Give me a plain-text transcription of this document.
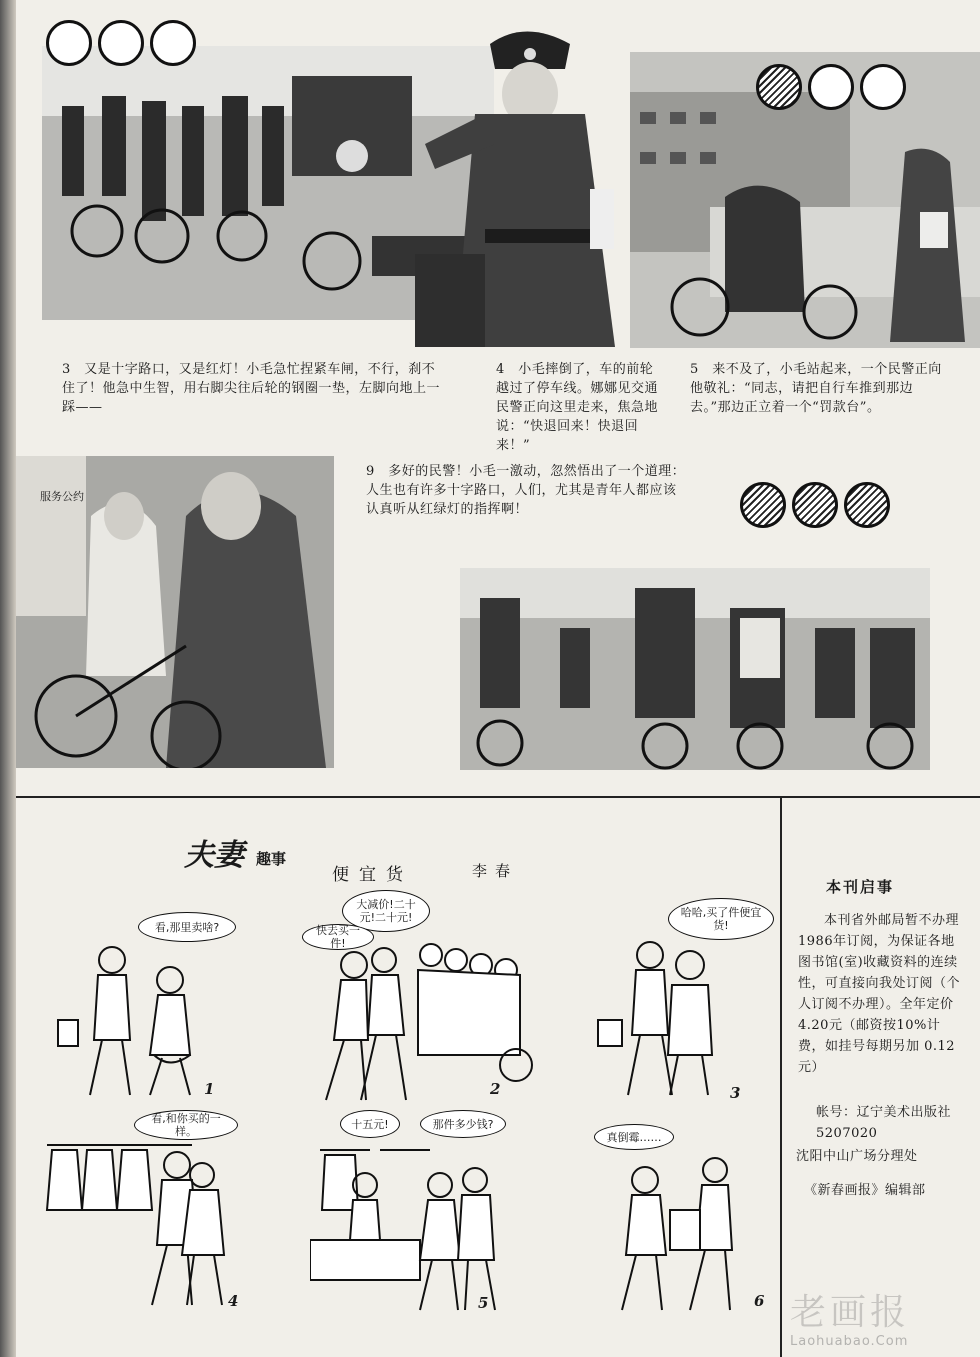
3　又是十字路口，又是红灯！小毛急忙捏紧车闸，不行，刹不住了！他急中生智，用右脚尖往后轮的钢圈一垫，左脚向地上一踩——
4　小毛摔倒了，车的前轮越过了停车线。娜娜见交通民警正向这里走来，焦急地说：“快退回来！快退回来！”
5　来不及了，小毛站起来，一个民警正向他敬礼：“同志，请把自行车推到那边去。”那边正立着一个“罚款台”。
服务公约
9　多好的民警！小毛一激动，忽然悟出了一个道理：人生也有许多十字路口，人们，尤其是青年人都应该认真听从红绿灯的指挥啊！
夫妻 趣事
便宜货	李春
看,那里卖啥?
1
大减价!二十元!二十元!
快去买一件!
2
哈哈,买了件便宜货!
3
看,和你买的一样。
4
十五元!	那件多少钱?
5
真倒霉……
6
本刊启事
本刊省外邮局暂不办理1986年订阅，为保证各地图书馆(室)收藏资料的连续性，可直接向我处订阅（个人订阅不办理）。全年定价 4.20元（邮资按10%计费，如挂号每期另加 0.12元）
帐号：辽宁美术出版社 5207020
沈阳中山广场分理处
《新春画报》编辑部
老画报
Laohuabao.Com
